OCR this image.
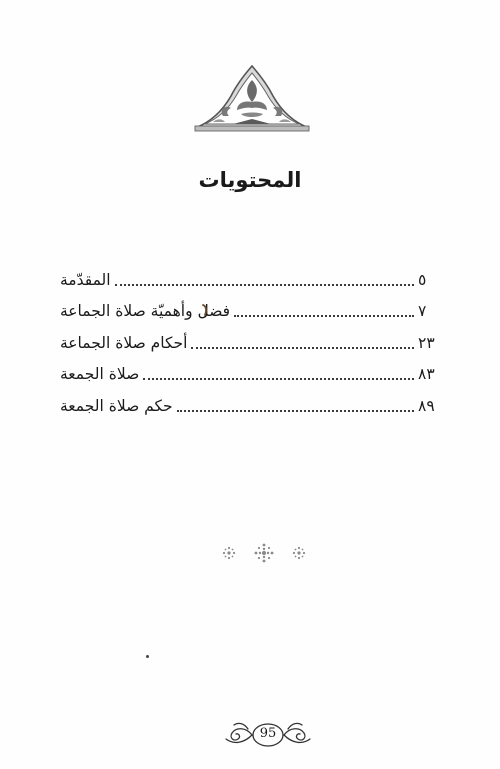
المحتويات
المقدّمة	٥
فضل وأهميّة صلاة الجماعة	٧
أحكام صلاة الجماعة	٢٣
صلاة الجمعة	٨٣
حكم صلاة الجمعة	٨٩
95
